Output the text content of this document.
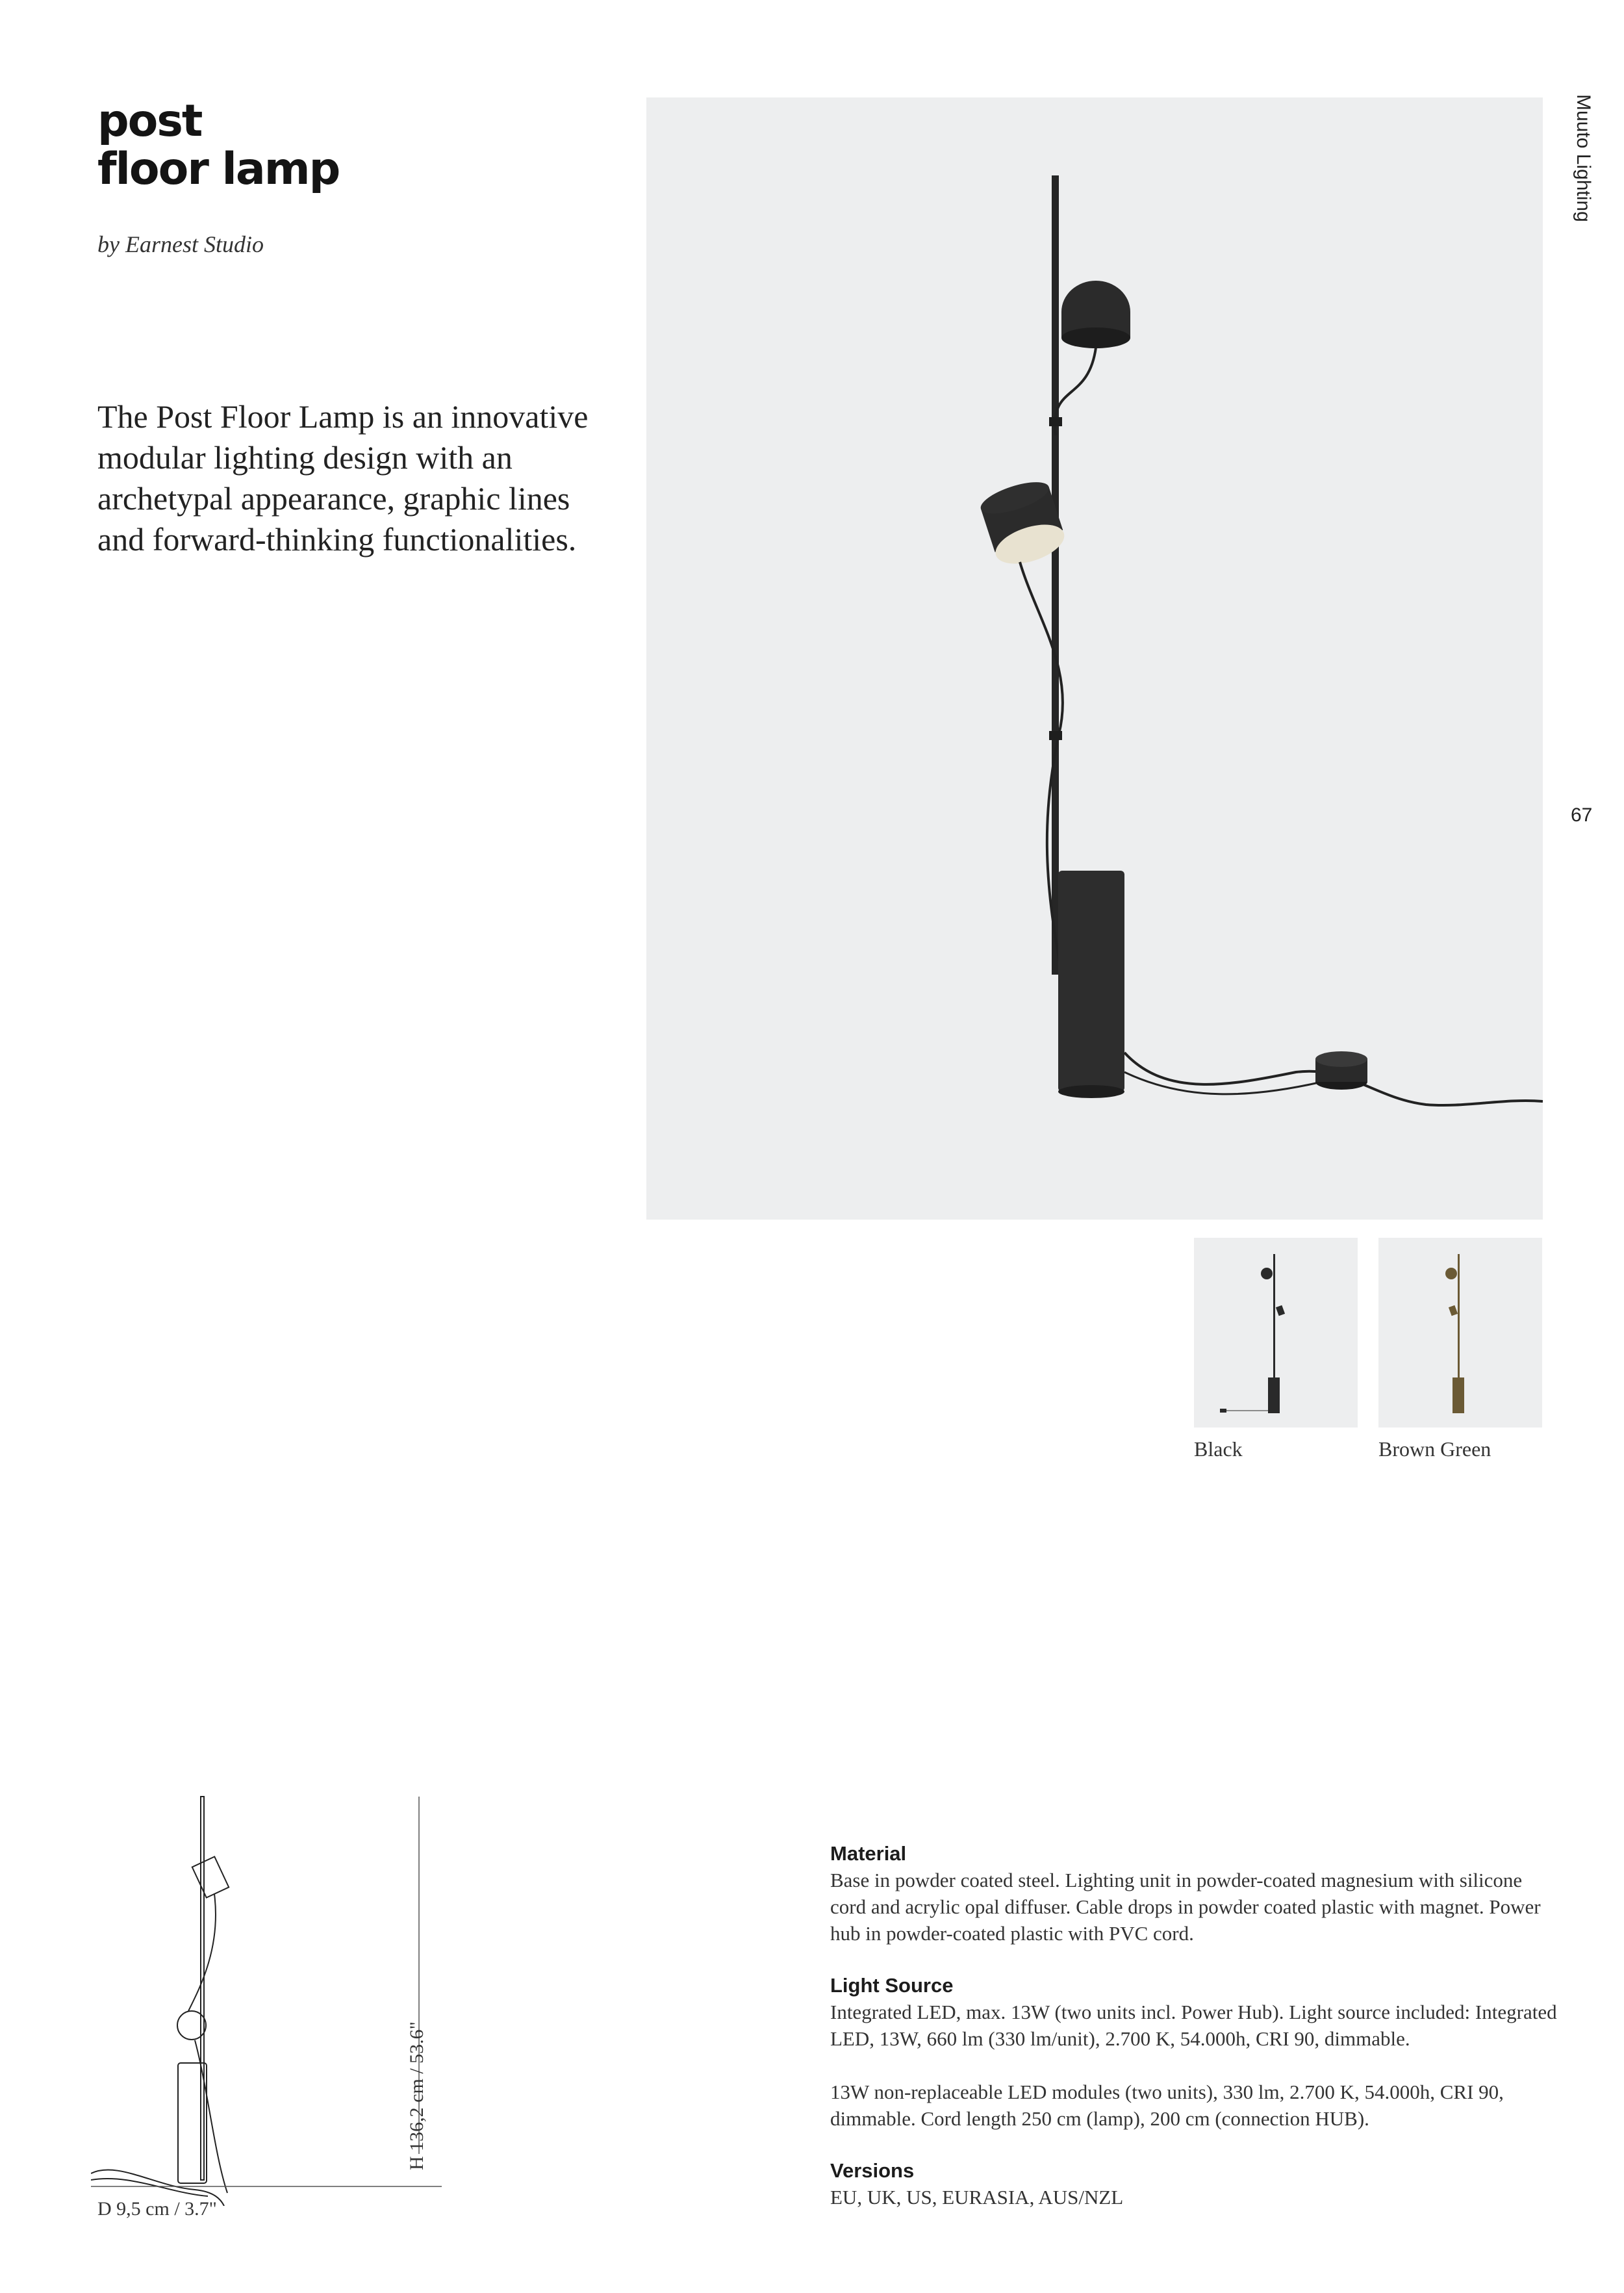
post
floor lamp
by Earnest Studio

The Post Floor Lamp is an innovative modular lighting design with an archetypal appearance, graphic lines and forward-thinking functionalities.

Muuto Lighting
67
Black	Brown Green
D 9,5 cm / 3.7"
H 136,2 cm / 53.6"
Material

Base in powder coated steel. Lighting unit in powder-coated magnesium with silicone cord and acrylic opal diffuser. Cable drops in powder coated plastic with magnet. Power hub in powder-coated plastic with PVC cord.

Light Source

Integrated LED, max. 13W (two units incl. Power Hub). Light source included: Integrated LED, 13W, 660 lm (330 lm/unit), 2.700 K, 54.000h, CRI 90, dimmable.

13W non-replaceable LED modules (two units), 330 lm, 2.700 K, 54.000h, CRI 90, dimmable. Cord length 250 cm (lamp), 200 cm (connection HUB).

Versions

EU, UK, US, EURASIA, AUS/NZL
